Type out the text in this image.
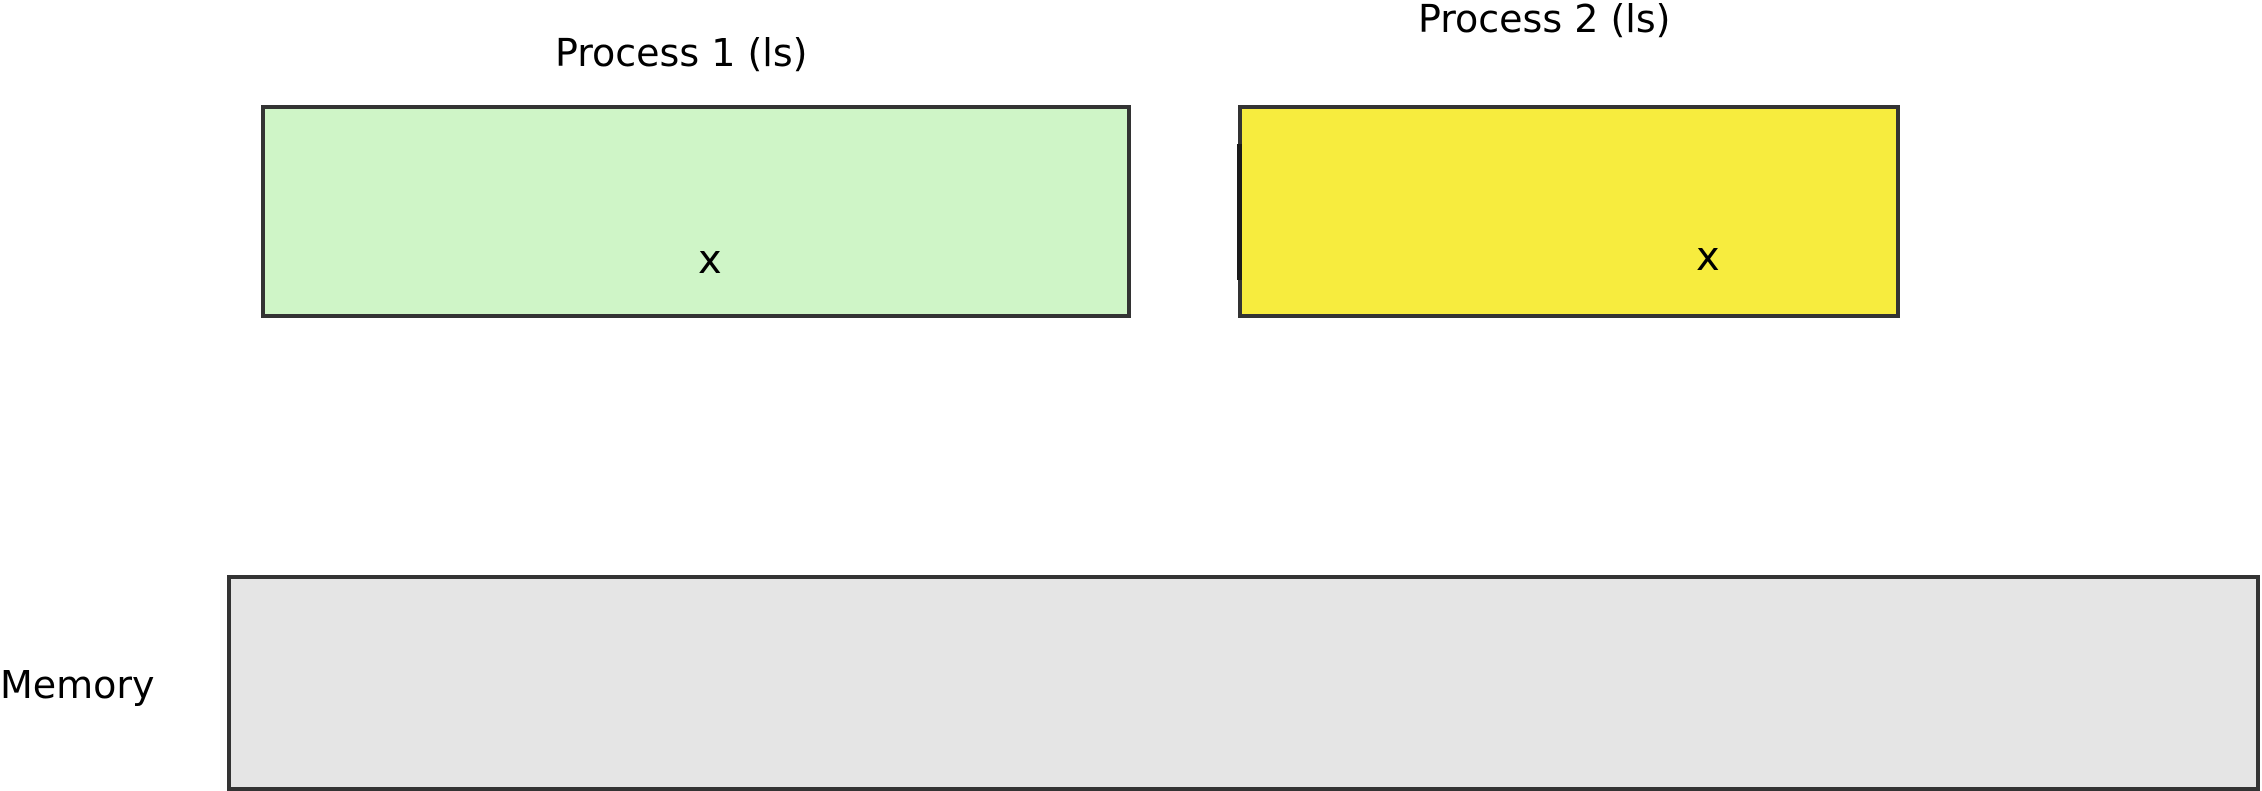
Process 1 (ls)
Process 2 (ls)
x	x
Memory
